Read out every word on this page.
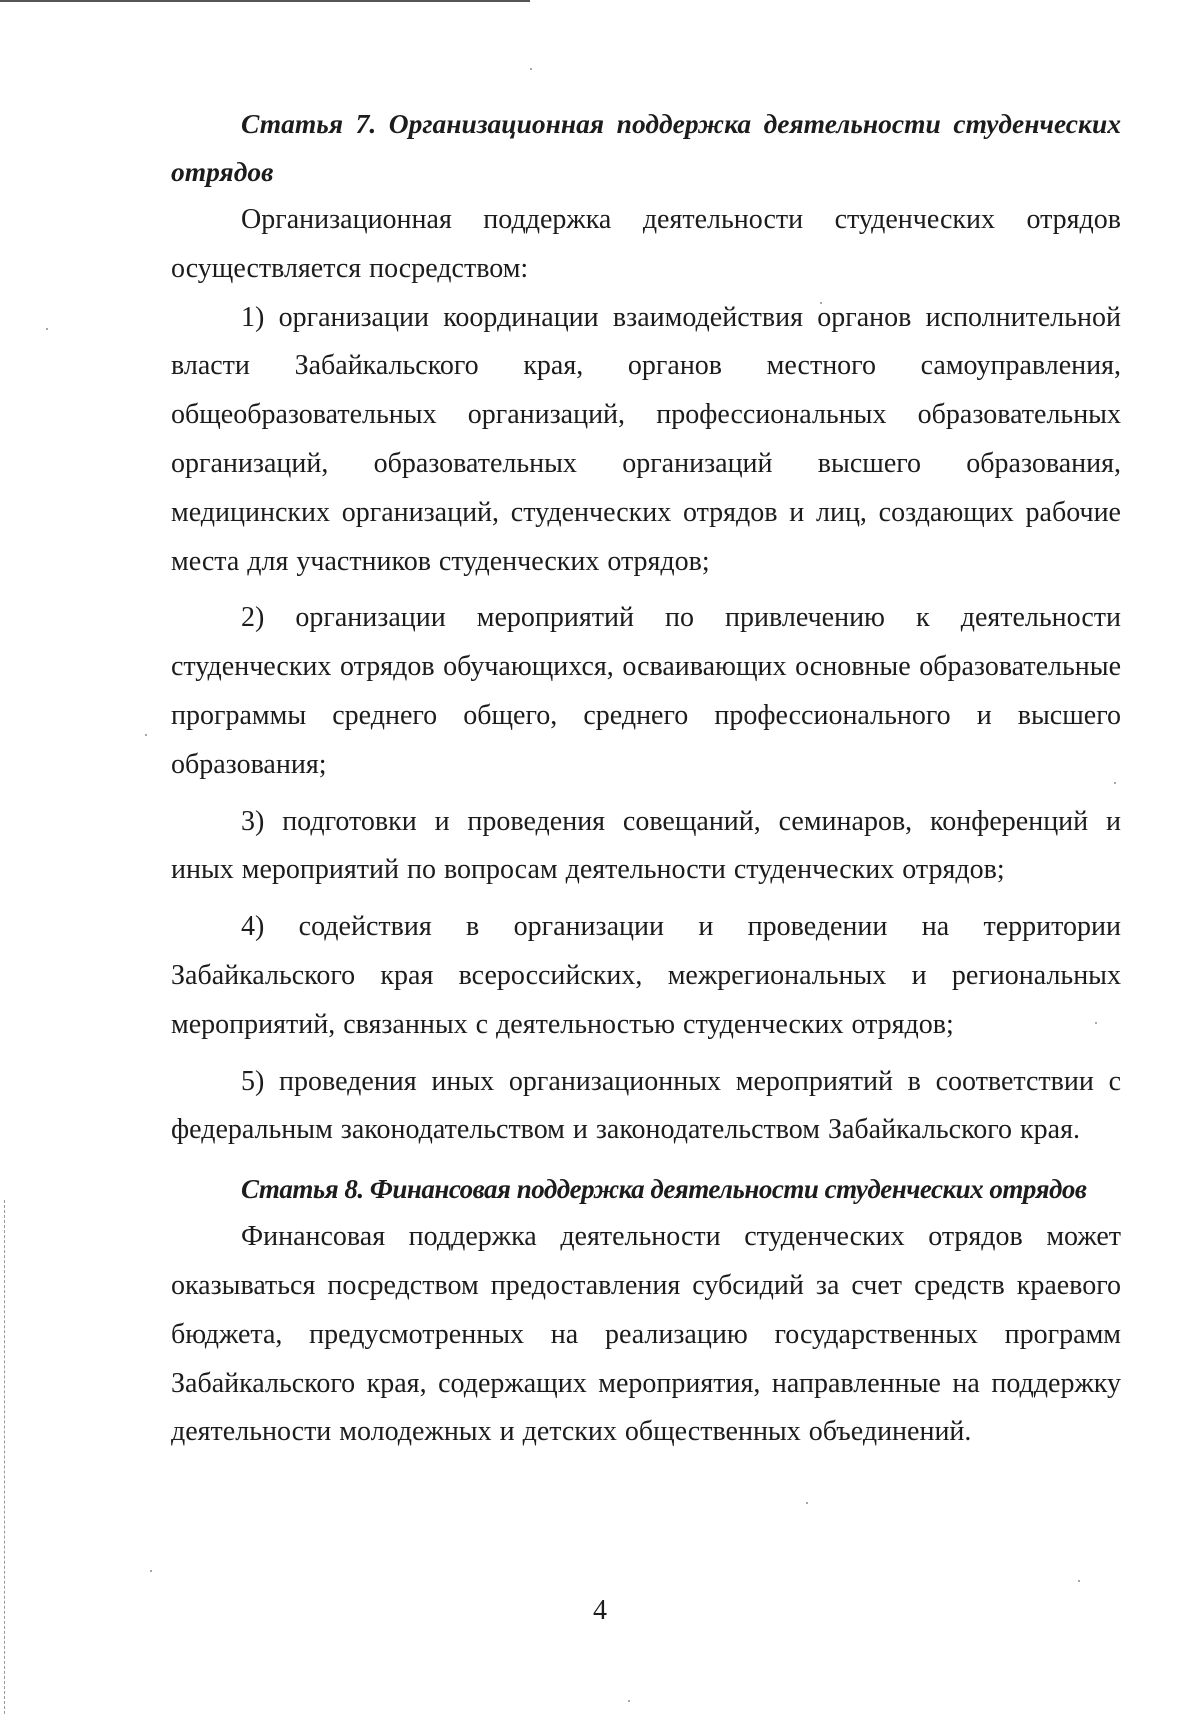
Статья 7. Организационная поддержка деятельности студенческих отрядов

Организационная поддержка деятельности студенческих отрядов осуществляется посредством:

1) организации координации взаимодействия органов исполнительной власти Забайкальского края, органов местного самоуправления, общеобразовательных организаций, профессиональных образовательных организаций, образовательных организаций высшего образования, медицинских организаций, студенческих отрядов и лиц, создающих рабочие места для участников студенческих отрядов;

2) организации мероприятий по привлечению к деятельности студенческих отрядов обучающихся, осваивающих основные образовательные программы среднего общего, среднего профессионального и высшего образования;

3) подготовки и проведения совещаний, семинаров, конференций и иных мероприятий по вопросам деятельности студенческих отрядов;

4) содействия в организации и проведении на территории Забайкальского края всероссийских, межрегиональных и региональных мероприятий, связанных с деятельностью студенческих отрядов;

5) проведения иных организационных мероприятий в соответствии с федеральным законодательством и законодательством Забайкальского края.

Статья 8. Финансовая поддержка деятельности студенческих отрядов

Финансовая поддержка деятельности студенческих отрядов может оказываться посредством предоставления субсидий за счет средств краевого бюджета, предусмотренных на реализацию государственных программ Забайкальского края, содержащих мероприятия, направленные на поддержку деятельности молодежных и детских общественных объединений.

4
